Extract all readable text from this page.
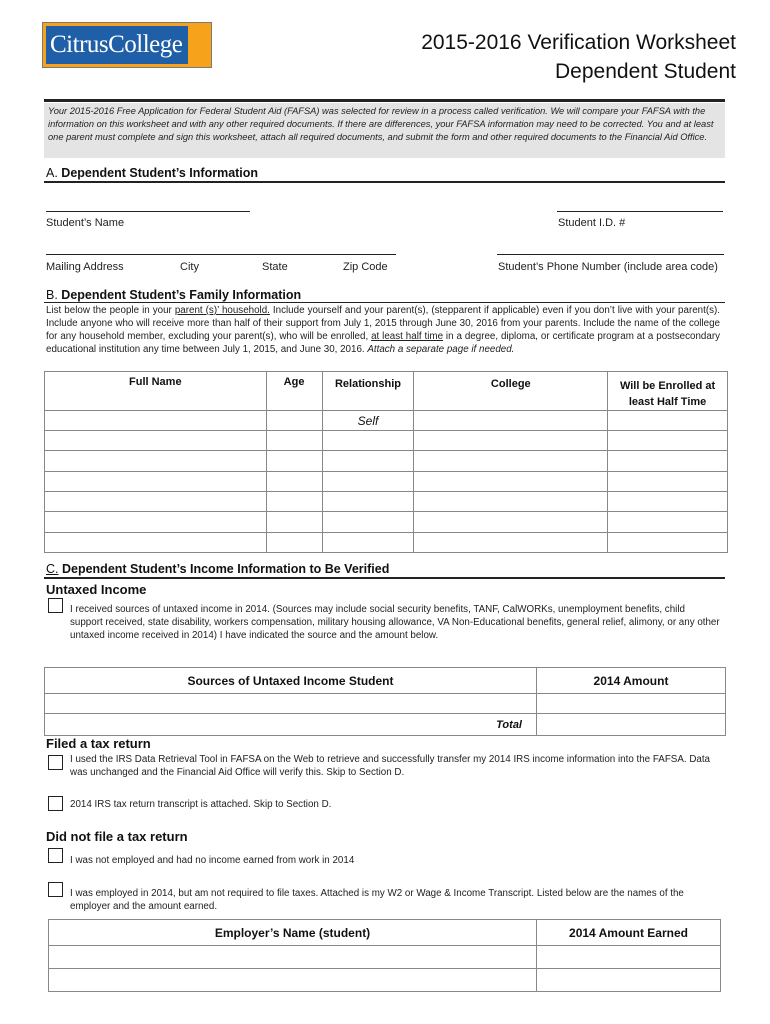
CitrusCollege	2015-2016 Verification Worksheet
Dependent Student
Your 2015-2016 Free Application for Federal Student Aid (FAFSA) was selected for review in a process called verification. We will compare your FAFSA with the information on this worksheet and with any other required documents. If there are differences, your FAFSA information may need to be corrected. You and at least one parent must complete and sign this worksheet, attach all required documents, and submit the form and other required documents to the Financial Aid Office.
A. Dependent Student’s Information
Student’s Name	Student I.D. #
Mailing Address	City	State	Zip Code	Student’s Phone Number (include area code)
B. Dependent Student’s Family Information
List below the people in your parent (s)’ household. Include yourself and your parent(s), (stepparent if applicable) even if you don’t live with your parent(s). Include anyone who will receive more than half of their support from July 1, 2015 through June 30, 2016 from your parents. Include the name of the college for any household member, excluding your parent(s), who will be enrolled, at least half time in a degree, diploma, or certificate program at a postsecondary educational institution any time between July 1, 2015, and June 30, 2016. Attach a separate page if needed.
Full Name	Age	Relationship	College	Will be Enrolled at least Half Time
		Self		

C. Dependent Student’s Income Information to Be Verified
Untaxed Income
I received sources of untaxed income in 2014. (Sources may include social security benefits, TANF, CalWORKs, unemployment benefits, child support received, state disability, workers compensation, military housing allowance, VA Non-Educational benefits, general relief, alimony, or any other untaxed income received in 2014) I have indicated the source and the amount below.
Sources of Untaxed Income Student	2014 Amount

Total	
Filed a tax return
I used the IRS Data Retrieval Tool in FAFSA on the Web to retrieve and successfully transfer my 2014 IRS income information into the FAFSA. Data was unchanged and the Financial Aid Office will verify this. Skip to Section D.
2014 IRS tax return transcript is attached. Skip to Section D.
Did not file a tax return
I was not employed and had no income earned from work in 2014
I was employed in 2014, but am not required to file taxes. Attached is my W2 or Wage & Income Transcript. Listed below are the names of the employer and the amount earned.
Employer’s Name (student)	2014 Amount Earned
